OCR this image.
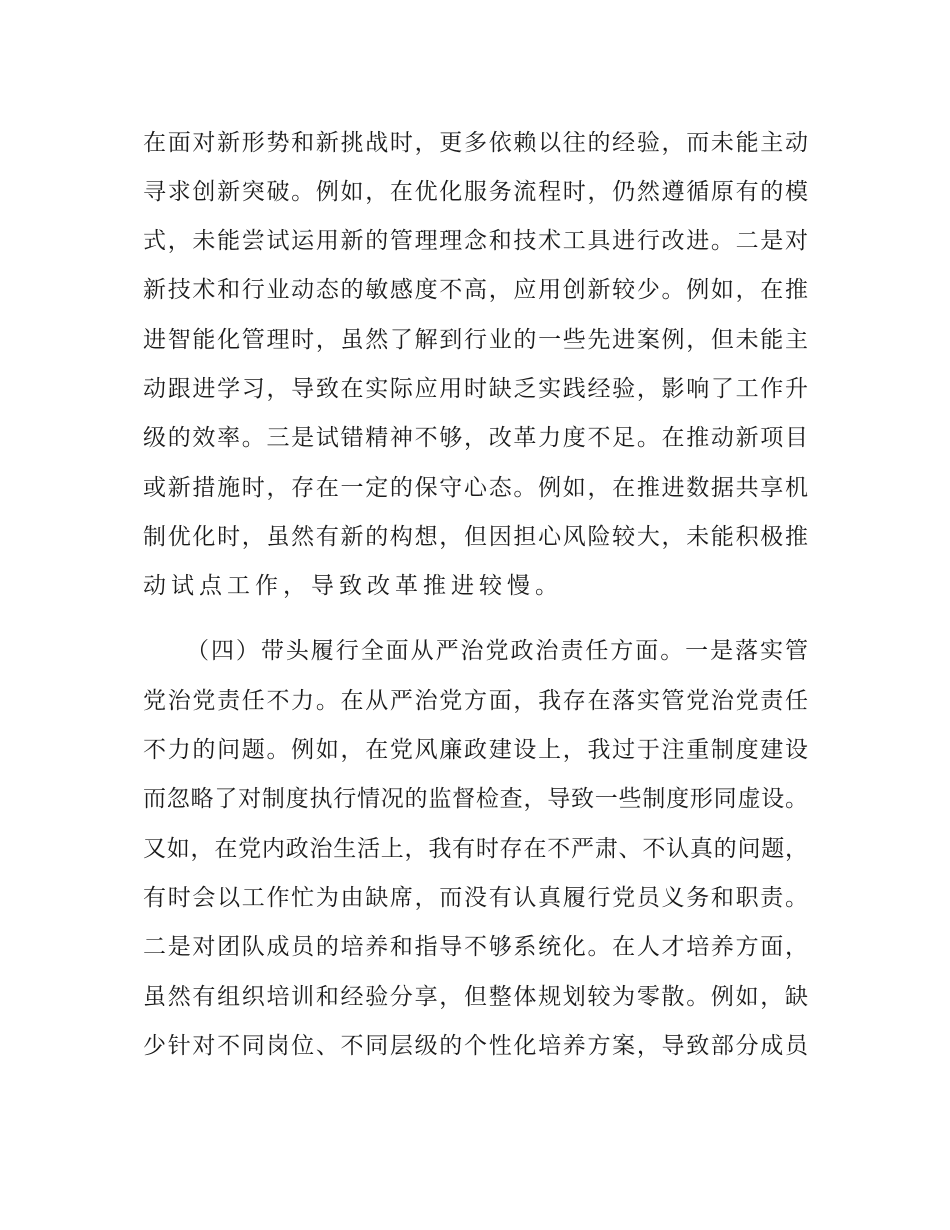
在面对新形势和新挑战时，更多依赖以往的经验，而未能主动
寻求创新突破。例如，在优化服务流程时，仍然遵循原有的模
式，未能尝试运用新的管理理念和技术工具进行改进。二是对
新技术和行业动态的敏感度不高，应用创新较少。例如，在推
进智能化管理时，虽然了解到行业的一些先进案例，但未能主
动跟进学习，导致在实际应用时缺乏实践经验，影响了工作升
级的效率。三是试错精神不够，改革力度不足。在推动新项目
或新措施时，存在一定的保守心态。例如，在推进数据共享机
制优化时，虽然有新的构想，但因担心风险较大，未能积极推
动试点工作，导致改革推进较慢。
（四）带头履行全面从严治党政治责任方面。一是落实管
党治党责任不力。在从严治党方面，我存在落实管党治党责任
不力的问题。例如，在党风廉政建设上，我过于注重制度建设
而忽略了对制度执行情况的监督检查，导致一些制度形同虚设。
又如，在党内政治生活上，我有时存在不严肃、不认真的问题，
有时会以工作忙为由缺席，而没有认真履行党员义务和职责。
二是对团队成员的培养和指导不够系统化。在人才培养方面，
虽然有组织培训和经验分享，但整体规划较为零散。例如，缺
少针对不同岗位、不同层级的个性化培养方案，导致部分成员
